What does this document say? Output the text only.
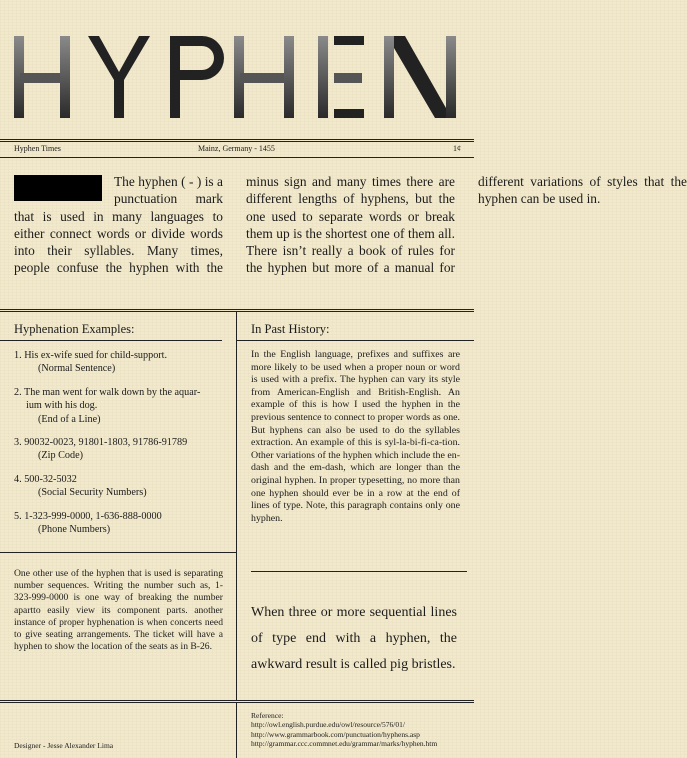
Hyphen Times	Mainz, Germany - 1455	1¢

The hyphen ( - ) is a punctuation mark that is used in many languages to either connect words or divide words into their syllables. Many times, people confuse the hyphen with the minus sign and many times there are different lengths of hyphens, but the one used to separate words or break them up is the shortest one of them all. There isn’t really a book of rules for the hyphen but more of a manual for different variations of styles that the hyphen can be used in.

Hyphenation Examples:
1. His ex-wife sued for child-support.
(Normal Sentence)
2. The man went for walk down by the aquar-
ium with his dog.
(End of a Line)
3. 90032-0023, 91801-1803, 91786-91789
(Zip Code)
4. 500-32-5032
(Social Security Numbers)
5. 1-323-999-0000, 1-636-888-0000
(Phone Numbers)

One other use of the hyphen that is used is separating number sequences. Writing the number such as, 1-323-999-0000 is one way of breaking the number apartto easily view its component parts. another instance of proper hyphenation is when concerts need to give seating arrangements. The ticket will have a hyphen to show the location of the seats as in B-26.

In Past History:

In the English language, prefixes and suffixes are more likely to be used when a proper noun or word is used with a prefix. The hyphen can vary its style from American-English and British-English. An example of this is how I used the hyphen in the previous sentence to connect to proper words as one. But hyphens can also be used to do the syllables extraction. An example of this is syl-la-bi-fi-ca-tion. Other variations of the hyphen which include the en-dash and the em-dash, which are longer than the original hyphen. In proper typesetting, no more than one hyphen should ever be in a row at the end of lines of type. Note, this paragraph contains only one hyphen.

When three or more sequential lines of type end with a hyphen, the awkward result is called pig bristles.

Designer - Jesse Alexander Lima
Reference:
http://owl.english.purdue.edu/owl/resource/576/01/
http://www.grammarbook.com/punctuation/hyphens.asp
http://grammar.ccc.commnet.edu/grammar/marks/hyphen.htm
